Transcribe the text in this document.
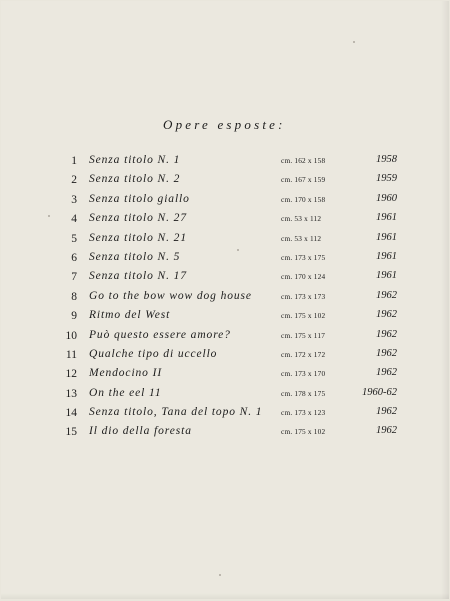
Opere esposte:
1 Senza titolo N. 1	cm. 162 x 158	1958
2 Senza titolo N. 2	cm. 167 x 159	1959
3 Senza titolo giallo	cm. 170 x 158	1960
4 Senza titolo N. 27	cm. 53 x 112	1961
5 Senza titolo N. 21	cm. 53 x 112	1961
6 Senza titolo N. 5	cm. 173 x 175	1961
7 Senza titolo N. 17	cm. 170 x 124	1961
8 Go to the bow wow dog house	cm. 173 x 173	1962
9 Ritmo del West	cm. 175 x 102	1962
10 Può questo essere amore?	cm. 175 x 117	1962
11 Qualche tipo di uccello	cm. 172 x 172	1962
12 Mendocino II	cm. 173 x 170	1962
13 On the eel 11	cm. 178 x 175	1960-62
14 Senza titolo, Tana del topo N. 1	cm. 173 x 123	1962
15 Il dio della foresta	cm. 175 x 102	1962
